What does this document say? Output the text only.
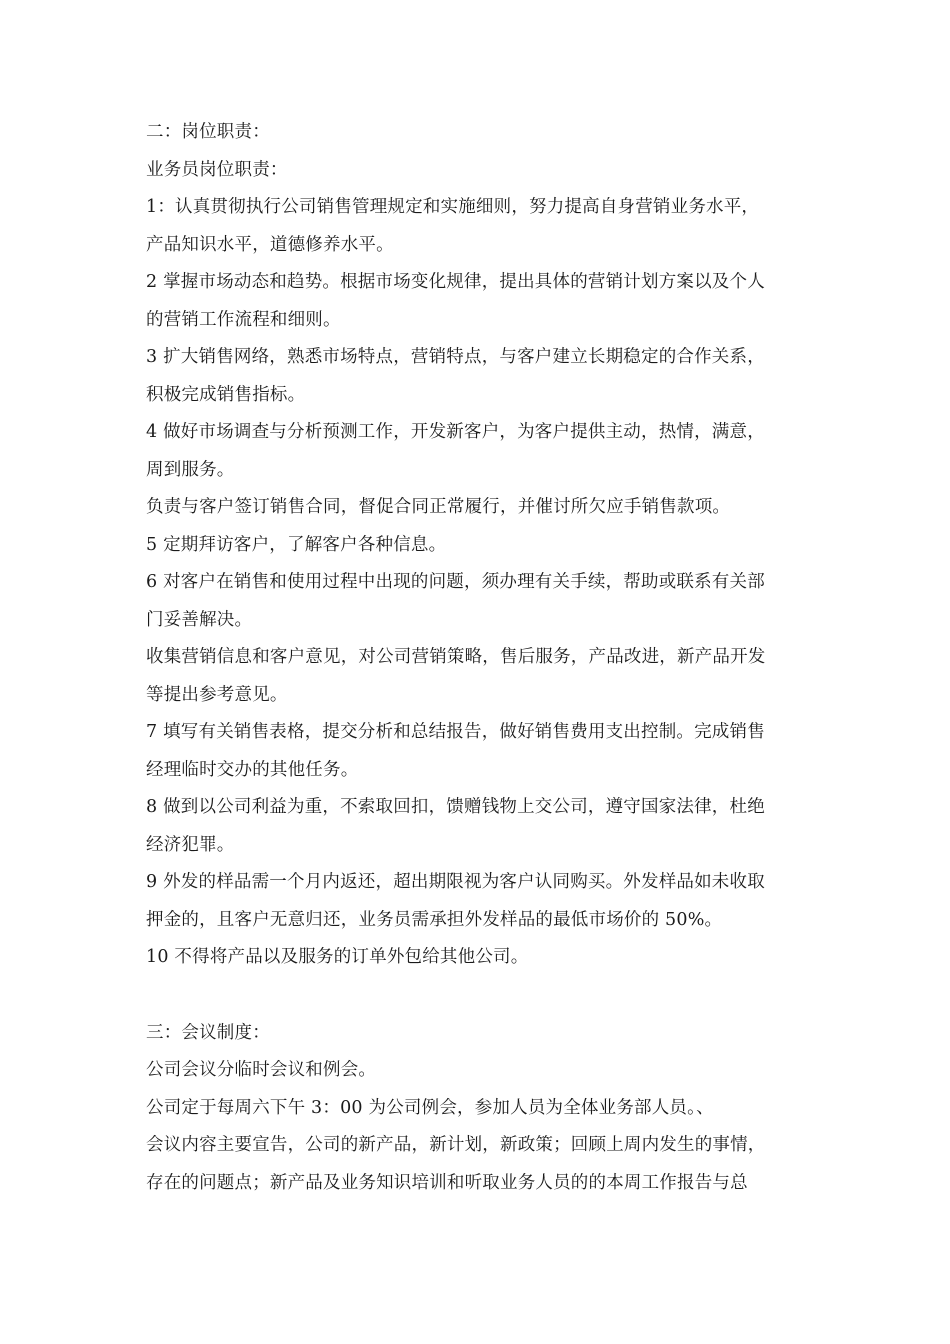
二：岗位职责：
业务员岗位职责：
1：认真贯彻执行公司销售管理规定和实施细则，努力提高自身营销业务水平，
产品知识水平，道德修养水平。
2 掌握市场动态和趋势。根据市场变化规律，提出具体的营销计划方案以及个人
的营销工作流程和细则。
3 扩大销售网络，熟悉市场特点，营销特点，与客户建立长期稳定的合作关系，
积极完成销售指标。
4 做好市场调查与分析预测工作，开发新客户，为客户提供主动，热情，满意，
周到服务。
负责与客户签订销售合同，督促合同正常履行，并催讨所欠应手销售款项。
5 定期拜访客户，了解客户各种信息。
6 对客户在销售和使用过程中出现的问题，须办理有关手续，帮助或联系有关部
门妥善解决。
收集营销信息和客户意见，对公司营销策略，售后服务，产品改进，新产品开发
等提出参考意见。
7 填写有关销售表格，提交分析和总结报告，做好销售费用支出控制。完成销售
经理临时交办的其他任务。
8 做到以公司利益为重，不索取回扣，馈赠钱物上交公司，遵守国家法律，杜绝
经济犯罪。
9 外发的样品需一个月内返还，超出期限视为客户认同购买。外发样品如未收取
押金的，且客户无意归还，业务员需承担外发样品的最低市场价的 50%。
10 不得将产品以及服务的订单外包给其他公司。
三：会议制度：
公司会议分临时会议和例会。
公司定于每周六下午 3：00 为公司例会，参加人员为全体业务部人员。、
会议内容主要宣告，公司的新产品，新计划，新政策；回顾上周内发生的事情，
存在的问题点；新产品及业务知识培训和听取业务人员的的本周工作报告与总
